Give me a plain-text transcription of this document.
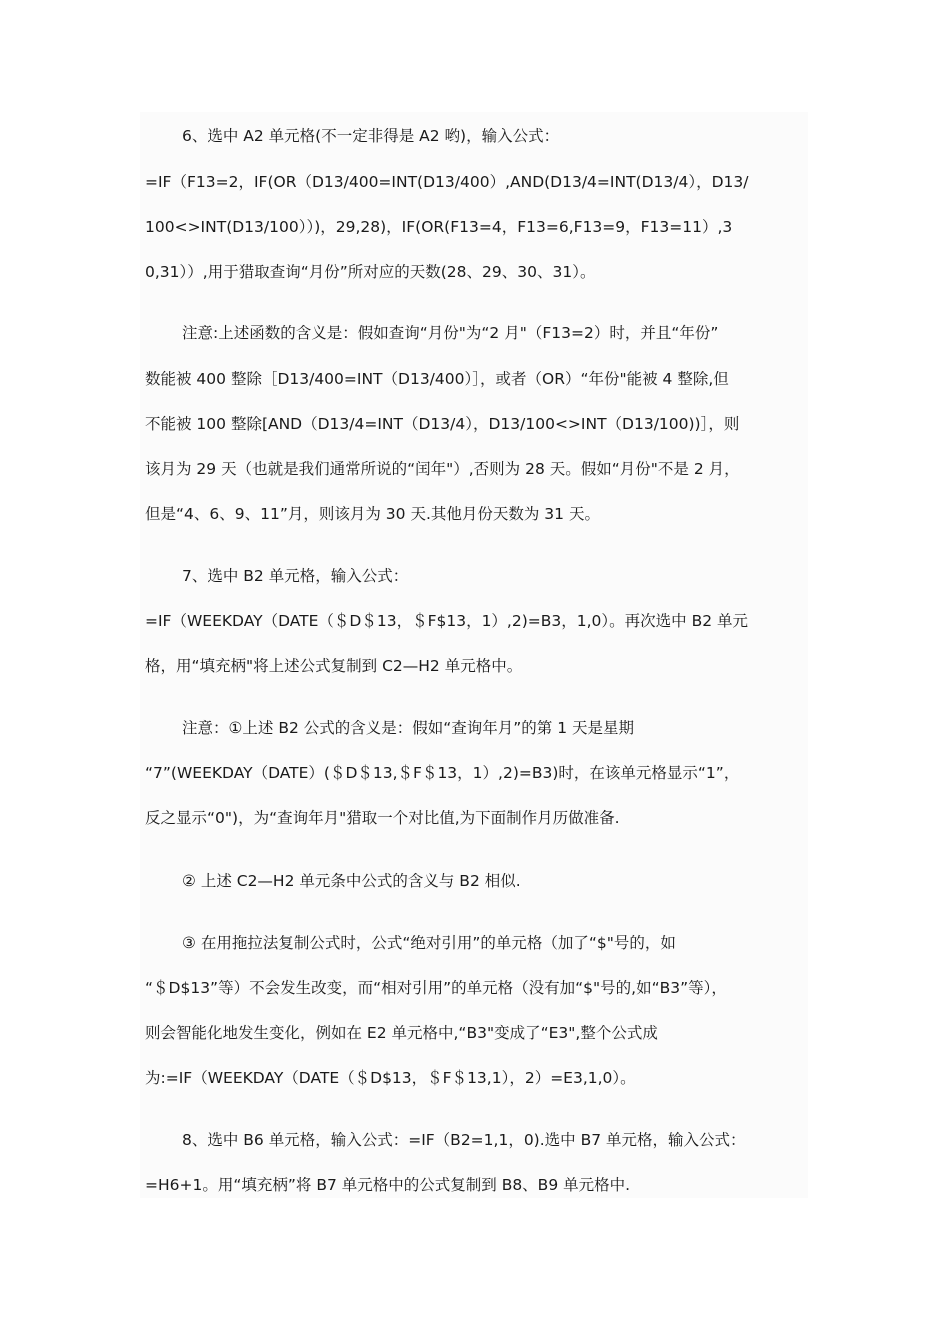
6、选中 A2 单元格(不一定非得是 A2 哟)，输入公式：
=IF（F13=2，IF(OR（D13/400=INT(D13/400）,AND(D13/4=INT(D13/4），D13/
100<>INT(D13/100））)，29,28)，IF(OR(F13=4，F13=6,F13=9，F13=11）,3
0,31））,用于猎取查询“月份”所对应的天数(28、29、30、31）。
注意:上述函数的含义是：假如查询“月份"为“2 月"（F13=2）时，并且“年份”
数能被 400 整除［D13/400=INT（D13/400）］，或者（OR）“年份"能被 4 整除,但
不能被 100 整除[AND（D13/4=INT（D13/4），D13/100<>INT（D13/100))］，则
该月为 29 天（也就是我们通常所说的“闰年"）,否则为 28 天。假如“月份"不是 2 月，
但是“4、6、9、11”月，则该月为 30 天.其他月份天数为 31 天。
7、选中 B2 单元格，输入公式：
=IF（WEEKDAY（DATE（＄D＄13，＄F$13，1）,2)=B3，1,0）。再次选中 B2 单元
格，用“填充柄"将上述公式复制到 C2—H2 单元格中。
注意：①上述 B2 公式的含义是：假如“查询年月”的第 1 天是星期
“7”(WEEKDAY（DATE）(＄D＄13,＄F＄13，1）,2)=B3)时，在该单元格显示“1”，
反之显示“0")，为“查询年月"猎取一个对比值,为下面制作月历做准备.
② 上述 C2—H2 单元条中公式的含义与 B2 相似.
③ 在用拖拉法复制公式时，公式“绝对引用”的单元格（加了“$"号的，如
“＄D$13”等）不会发生改变，而“相对引用”的单元格（没有加“$"号的,如“B3”等），
则会智能化地发生变化，例如在 E2 单元格中,“B3"变成了“E3",整个公式成
为:=IF（WEEKDAY（DATE（＄D$13，＄F＄13,1），2）=E3,1,0）。
8、选中 B6 单元格，输入公式：=IF（B2=1,1，0).选中 B7 单元格，输入公式：
=H6+1。用“填充柄”将 B7 单元格中的公式复制到 B8、B9 单元格中.
